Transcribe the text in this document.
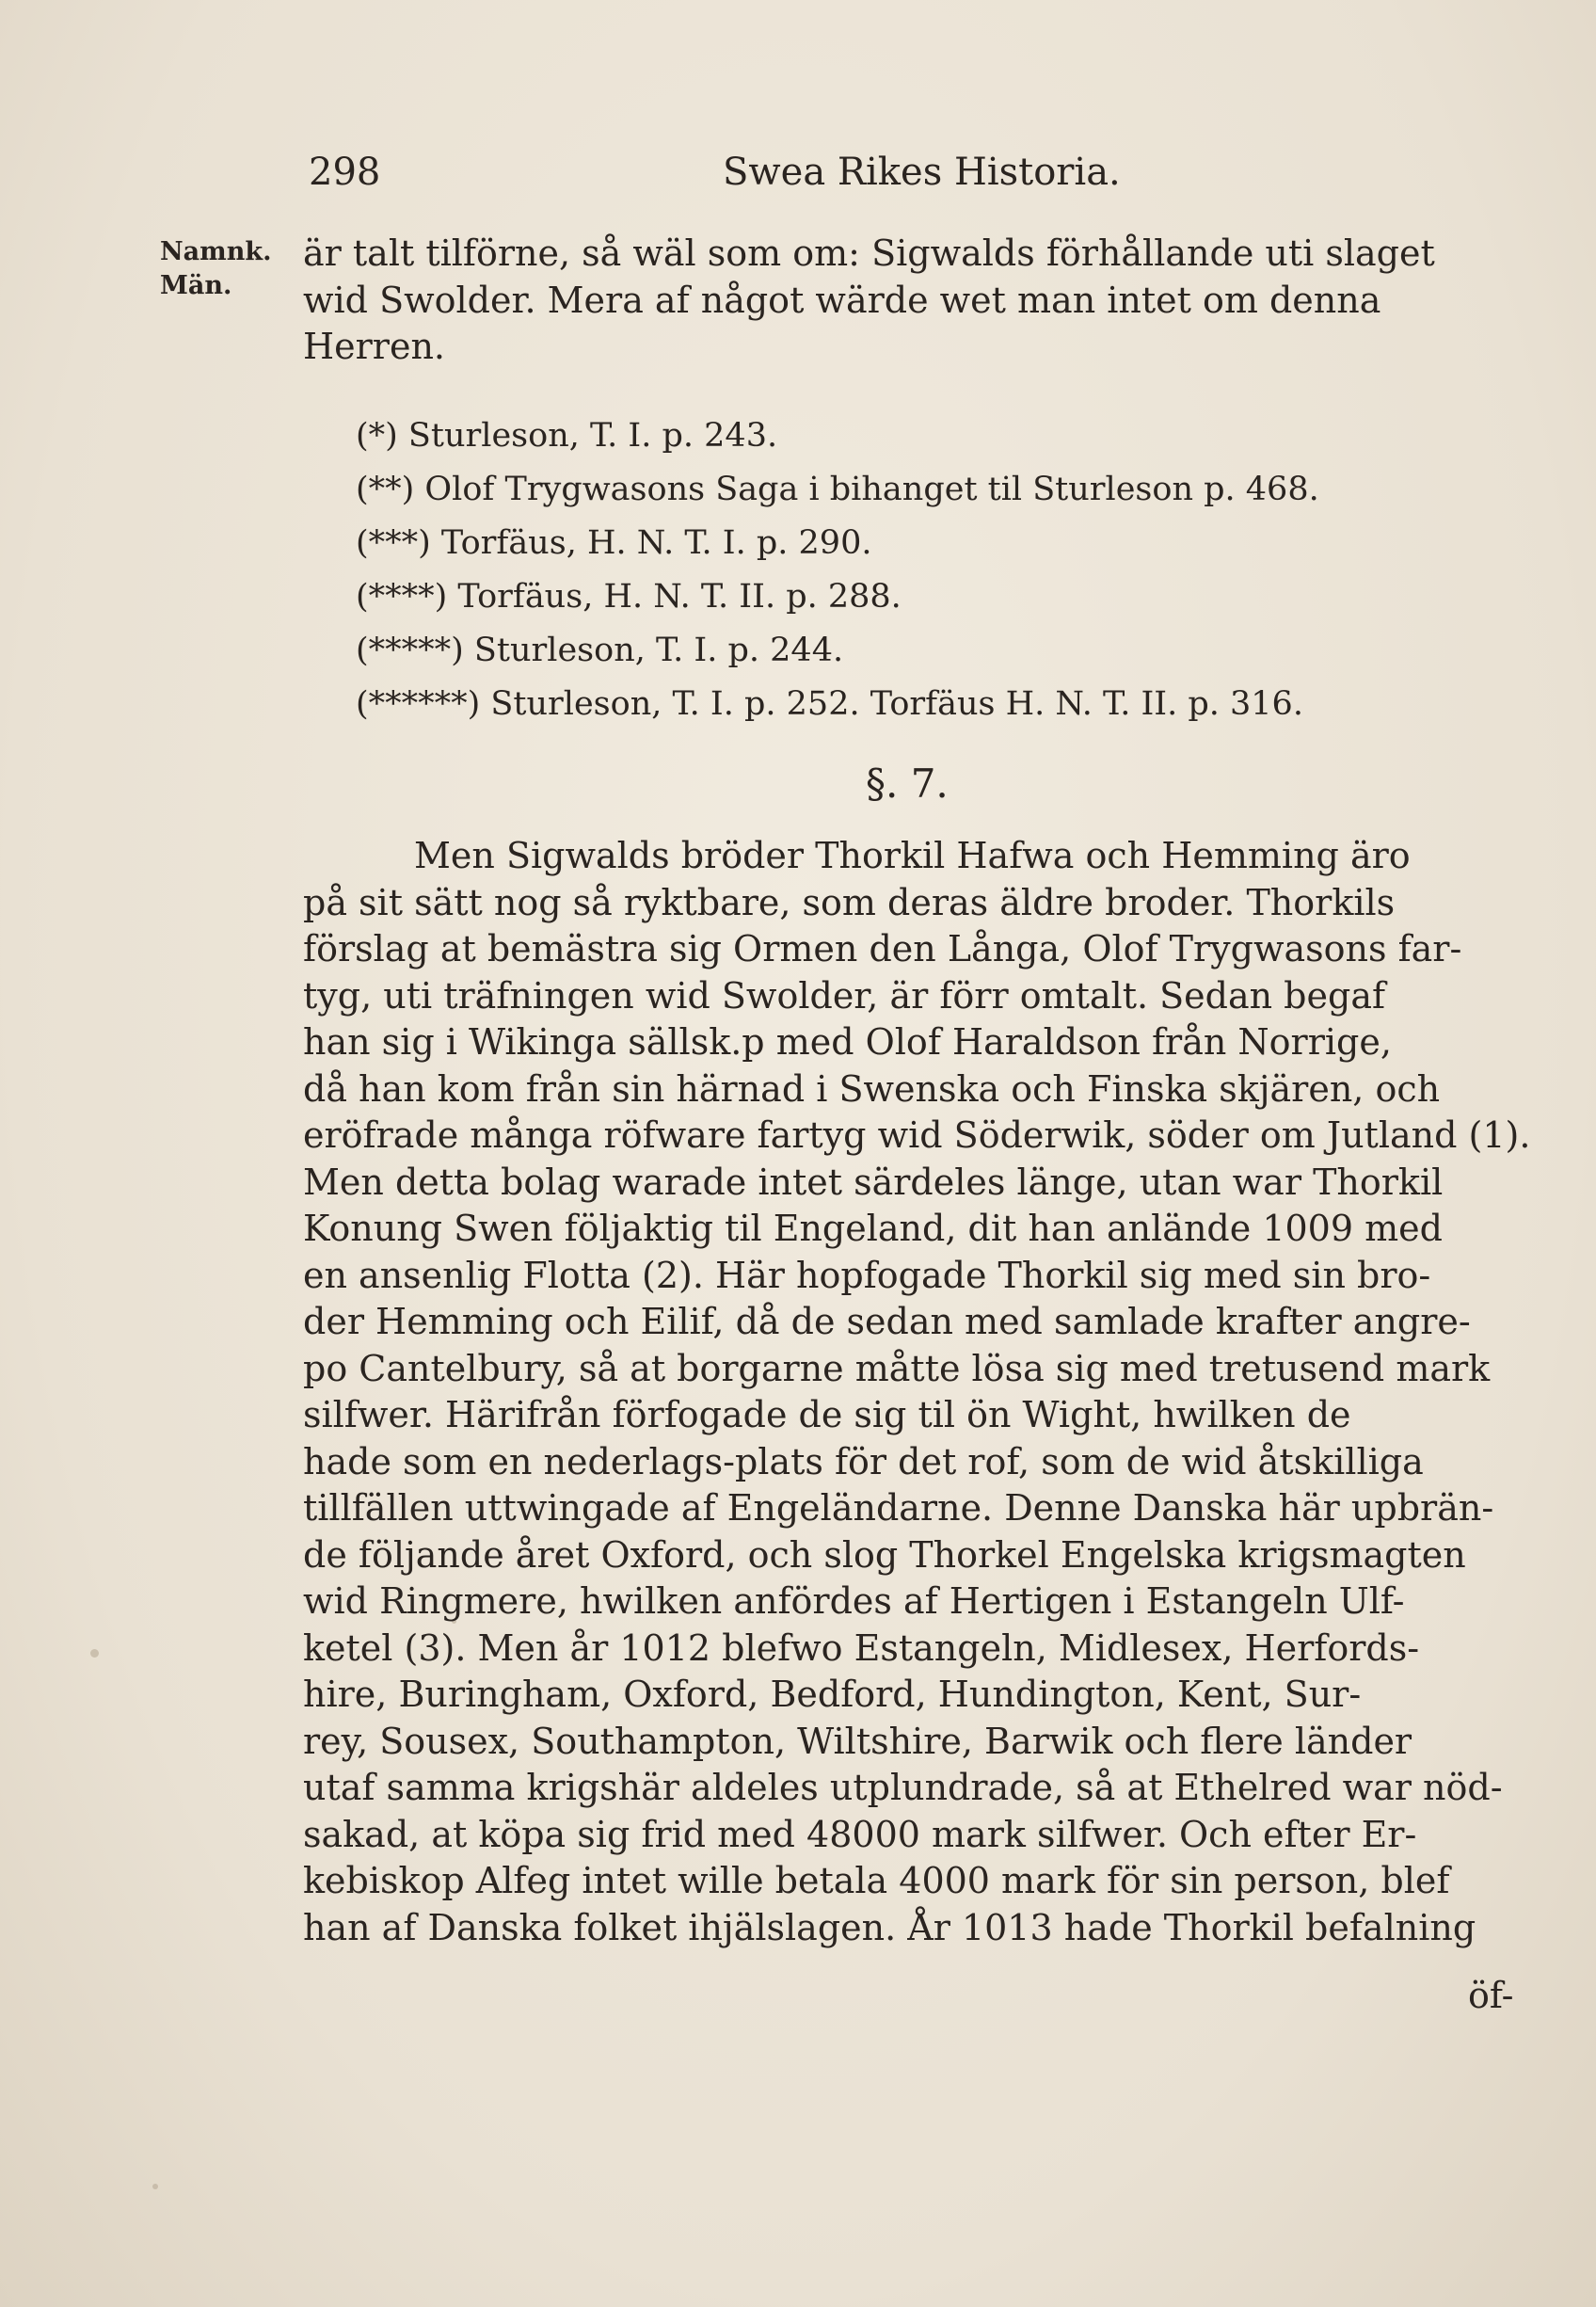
298	Swea Rikes Historia.
Namnk.
Män.
är talt tilförne, så wäl som om: Sigwalds förhållande uti slaget
wid Swolder. Mera af något wärde wet man intet om denna
Herren.
(*) Sturleson, T. I. p. 243.
(**) Olof Trygwasons Saga i bihanget til Sturleson p. 468.
(***) Torfäus, H. N. T. I. p. 290.
(****) Torfäus, H. N. T. II. p. 288.
(*****) Sturleson, T. I. p. 244.
(******) Sturleson, T. I. p. 252. Torfäus H. N. T. II. p. 316.
§. 7.
Men Sigwalds bröder Thorkil Hafwa och Hemming äro
på sit sätt nog så ryktbare, som deras äldre broder. Thorkils
förslag at bemästra sig Ormen den Långa, Olof Trygwasons far-
tyg, uti träfningen wid Swolder, är förr omtalt. Sedan begaf
han sig i Wikinga sällsk.p med Olof Haraldson från Norrige,
då han kom från sin härnad i Swenska och Finska skjären, och
eröfrade många röfware fartyg wid Söderwik, söder om Jutland (1).
Men detta bolag warade intet särdeles länge, utan war Thorkil
Konung Swen följaktig til Engeland, dit han anlände 1009 med
en ansenlig Flotta (2). Här hopfogade Thorkil sig med sin bro-
der Hemming och Eilif, då de sedan med samlade krafter angre-
po Cantelbury, så at borgarne måtte lösa sig med tretusend mark
silfwer. Härifrån förfogade de sig til ön Wight, hwilken de
hade som en nederlags-plats för det rof, som de wid åtskilliga
tillfällen uttwingade af Engeländarne. Denne Danska här upbrän-
de följande året Oxford, och slog Thorkel Engelska krigsmagten
wid Ringmere, hwilken anfördes af Hertigen i Estangeln Ulf-
ketel (3). Men år 1012 blefwo Estangeln, Midlesex, Herfords-
hire, Buringham, Oxford, Bedford, Hundington, Kent, Sur-
rey, Sousex, Southampton, Wiltshire, Barwik och flere länder
utaf samma krigshär aldeles utplundrade, så at Ethelred war nöd-
sakad, at köpa sig frid med 48000 mark silfwer. Och efter Er-
kebiskop Alfeg intet wille betala 4000 mark för sin person, blef
han af Danska folket ihjälslagen. År 1013 hade Thorkil befalning
öf-
